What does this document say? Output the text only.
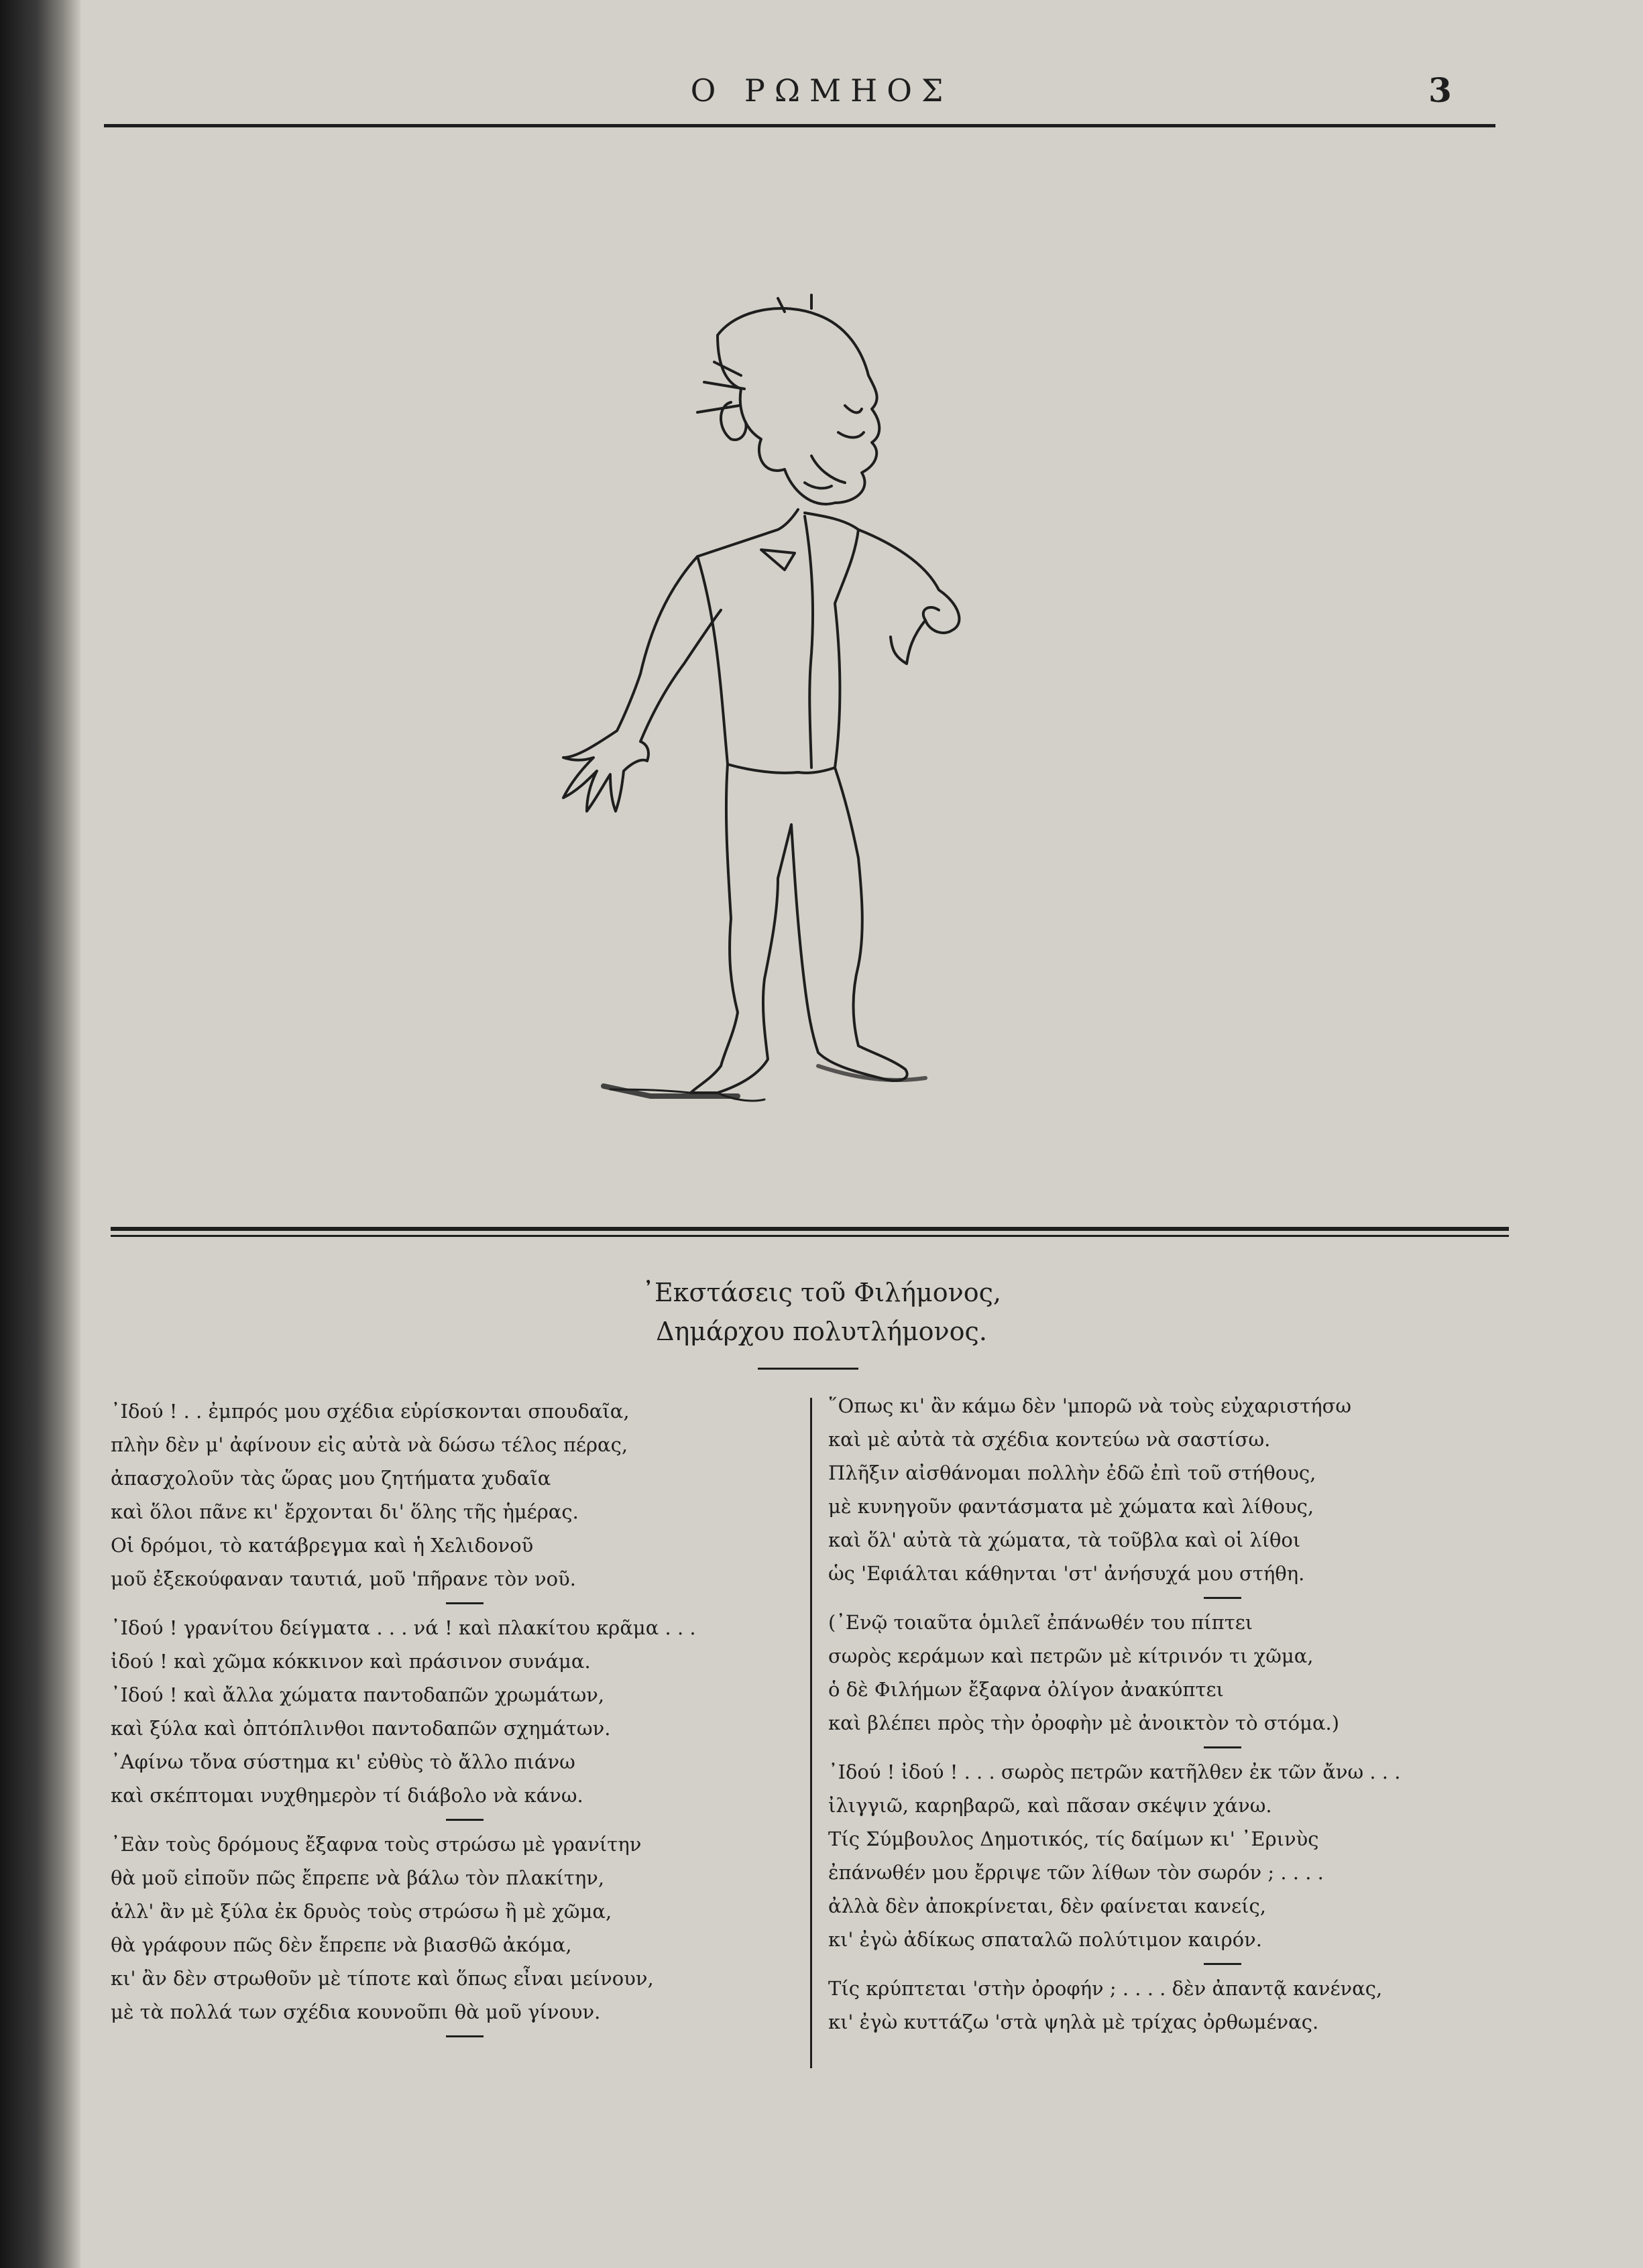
Ο ΡΩΜΗΟΣ	3
᾿Εκστάσεις τοῦ Φιλήμονος,
Δημάρχου πολυτλήμονος.
᾿Ιδού ! . . ἐμπρός μου σχέδια εὑρίσκονται σπουδαῖα,
πλὴν δὲν μ' ἀφίνουν εἰς αὐτὰ νὰ δώσω τέλος πέρας,
ἀπασχολοῦν τὰς ὥρας μου ζητήματα χυδαῖα
καὶ ὅλοι πᾶνε κι' ἔρχονται δι' ὅλης τῆς ἡμέρας.
Οἱ δρόμοι, τὸ κατάβρεγμα καὶ ἡ Χελιδονοῦ
μοῦ ἐξεκούφαναν ταυτιά, μοῦ 'πῆρανε τὸν νοῦ.
᾿Ιδού ! γρανίτου δείγματα . . . νά ! καὶ πλακίτου κρᾶμα . . .
ἰδού ! καὶ χῶμα κόκκινον καὶ πράσινον συνάμα.
᾿Ιδού ! καὶ ἄλλα χώματα παντοδαπῶν χρωμάτων,
καὶ ξύλα καὶ ὀπτόπλινθοι παντοδαπῶν σχημάτων.
᾿Αφίνω τὄνα σύστημα κι' εὐθὺς τὸ ἄλλο πιάνω
καὶ σκέπτομαι νυχθημερὸν τί διάβολο νὰ κάνω.
᾿Εὰν τοὺς δρόμους ἔξαφνα τοὺς στρώσω μὲ γρανίτην
θὰ μοῦ εἰποῦν πῶς ἔπρεπε νὰ βάλω τὸν πλακίτην,
ἀλλ' ἂν μὲ ξύλα ἐκ δρυὸς τοὺς στρώσω ἢ μὲ χῶμα,
θὰ γράφουν πῶς δὲν ἔπρεπε νὰ βιασθῶ ἀκόμα,
κι' ἂν δὲν στρωθοῦν μὲ τίποτε καὶ ὅπως εἶναι μείνουν,
μὲ τὰ πολλά των σχέδια κουνοῦπι θὰ μοῦ γίνουν.
῞Οπως κι' ἂν κάμω δὲν 'μπορῶ νὰ τοὺς εὐχαριστήσω
καὶ μὲ αὐτὰ τὰ σχέδια κοντεύω νὰ σαστίσω.
Πλῆξιν αἰσθάνομαι πολλὴν ἐδῶ ἐπὶ τοῦ στήθους,
μὲ κυνηγοῦν φαντάσματα μὲ χώματα καὶ λίθους,
καὶ ὅλ' αὐτὰ τὰ χώματα, τὰ τοῦβλα καὶ οἱ λίθοι
ὡς 'Εφιάλται κάθηνται 'στ' ἀνήσυχά μου στήθη.
(᾿Ενῷ τοιαῦτα ὁμιλεῖ ἐπάνωθέν του πίπτει
σωρὸς κεράμων καὶ πετρῶν μὲ κίτρινόν τι χῶμα,
ὁ δὲ Φιλήμων ἔξαφνα ὀλίγον ἀνακύπτει
καὶ βλέπει πρὸς τὴν ὀροφὴν μὲ ἀνοικτὸν τὸ στόμα.)
᾿Ιδού ! ἰδού ! . . . σωρὸς πετρῶν κατῆλθεν ἐκ τῶν ἄνω . . .
ἰλιγγιῶ, καρηβαρῶ, καὶ πᾶσαν σκέψιν χάνω.
Τίς Σύμβουλος Δημοτικός, τίς δαίμων κι' ᾿Ερινὺς
ἐπάνωθέν μου ἔρριψε τῶν λίθων τὸν σωρόν ; . . . .
ἀλλὰ δὲν ἀποκρίνεται, δὲν φαίνεται κανείς,
κι' ἐγὼ ἀδίκως σπαταλῶ πολύτιμον καιρόν.
Τίς κρύπτεται 'στὴν ὀροφήν ; . . . . δὲν ἀπαντᾷ κανένας,
κι' ἐγὼ κυττάζω 'στὰ ψηλὰ μὲ τρίχας ὀρθωμένας.
